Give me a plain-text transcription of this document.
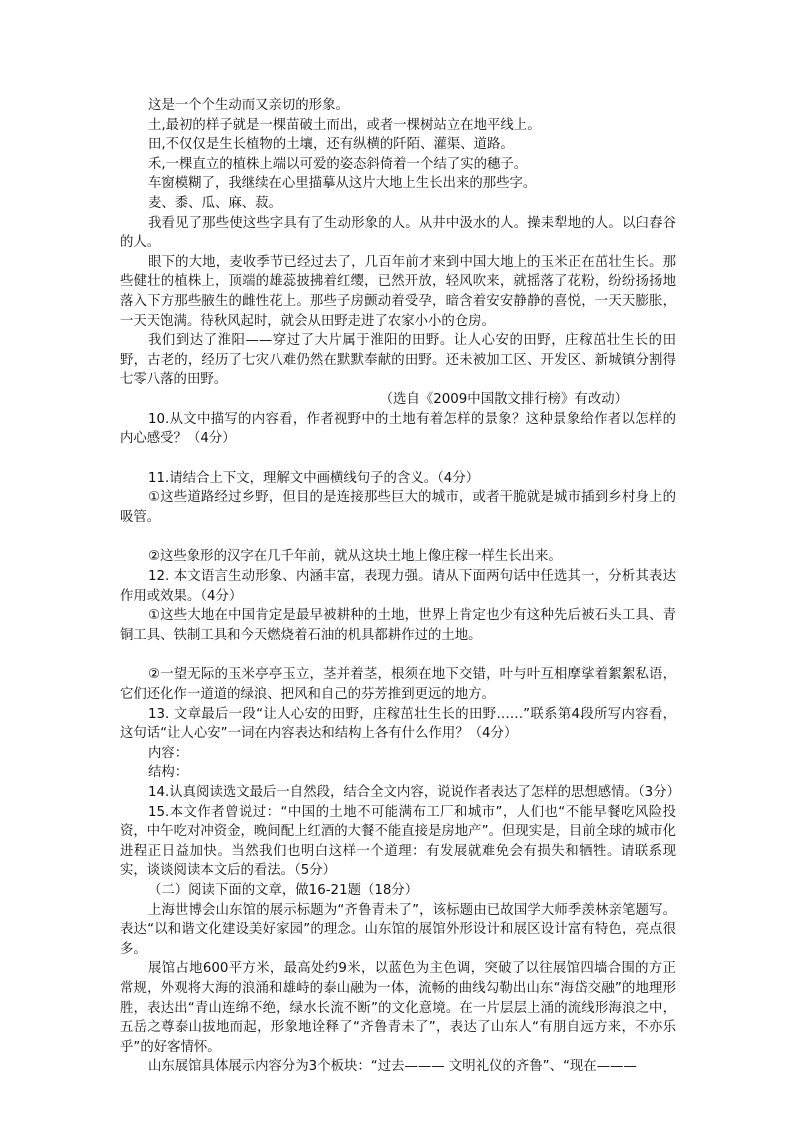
这是一个个生动而又亲切的形象。

土,最初的样子就是一棵苗破土而出，或者一棵树站立在地平线上。

田,不仅仅是生长植物的土壤，还有纵横的阡陌、灌渠、道路。

禾,一棵直立的植株上端以可爱的姿态斜倚着一个结了实的穗子。

车窗模糊了，我继续在心里描摹从这片大地上生长出来的那些字。

麦、黍、瓜、麻、菽。

我看见了那些使这些字具有了生动形象的人。从井中汲水的人。操耒犁地的人。以臼舂谷的人。

眼下的大地，麦收季节已经过去了，几百年前才来到中国大地上的玉米正在茁壮生长。那些健壮的植株上，顶端的雄蕊披拂着红缨，已然开放，轻风吹来，就摇落了花粉，纷纷扬扬地落入下方那些腋生的雌性花上。那些子房颤动着受孕，暗含着安安静静的喜悦，一天天膨胀，一天天饱满。待秋风起时，就会从田野走进了农家小小的仓房。

我们到达了淮阳——穿过了大片属于淮阳的田野。让人心安的田野，庄稼茁壮生长的田野，古老的，经历了七灾八难仍然在默默奉献的田野。还未被加工区、开发区、新城镇分割得七零八落的田野。

（选自《2009中国散文排行榜》有改动）

10.从文中描写的内容看，作者视野中的土地有着怎样的景象？这种景象给作者以怎样的内心感受？（4分）

11.请结合上下文，理解文中画横线句子的含义。（4分）

①这些道路经过乡野，但目的是连接那些巨大的城市，或者干脆就是城市插到乡村身上的吸管。

②这些象形的汉字在几千年前，就从这块土地上像庄稼一样生长出来。

12. 本文语言生动形象、内涵丰富，表现力强。请从下面两句话中任选其一，分析其表达作用或效果。（4分）

①这些大地在中国肯定是最早被耕种的土地，世界上肯定也少有这种先后被石头工具、青铜工具、铁制工具和今天燃烧着石油的机具都耕作过的土地。

②一望无际的玉米亭亭玉立，茎并着茎，根须在地下交错，叶与叶互相摩挲着絮絮私语，它们还化作一道道的绿浪、把风和自己的芬芳推到更远的地方。

13. 文章最后一段“让人心安的田野，庄稼茁壮生长的田野……”联系第4段所写内容看，这句话“让人心安”一词在内容表达和结构上各有什么作用？（4分）

内容：

结构：

14.认真阅读选文最后一自然段，结合全文内容，说说作者表达了怎样的思想感情。（3分）

15.本文作者曾说过：“中国的土地不可能满布工厂和城市”，人们也“不能早餐吃风险投资，中午吃对冲资金，晚间配上红酒的大餐不能直接是房地产”。但现实是，目前全球的城市化进程正日益加快。当然我们也明白这样一个道理：有发展就难免会有损失和牺牲。请联系现实，谈谈阅读本文后的看法。（5分）

（二）阅读下面的文章，做16-21题（18分）

上海世博会山东馆的展示标题为“齐鲁青未了”，该标题由已故国学大师季羡林亲笔题写。表达“以和谐文化建设美好家园”的理念。山东馆的展馆外形设计和展区设计富有特色，亮点很多。

展馆占地600平方米，最高处约9米，以蓝色为主色调，突破了以往展馆四墙合围的方正常规，外观将大海的浪涌和雄峙的泰山融为一体，流畅的曲线勾勒出山东“海岱交融”的地理形胜，表达出“青山连绵不绝，绿水长流不断”的文化意境。在一片层层上涌的流线形海浪之中，五岳之尊泰山拔地而起，形象地诠释了“齐鲁青未了”，表达了山东人“有朋自远方来，不亦乐乎”的好客情怀。

山东展馆具体展示内容分为3个板块：“过去——— 文明礼仪的齐鲁”、“现在———
